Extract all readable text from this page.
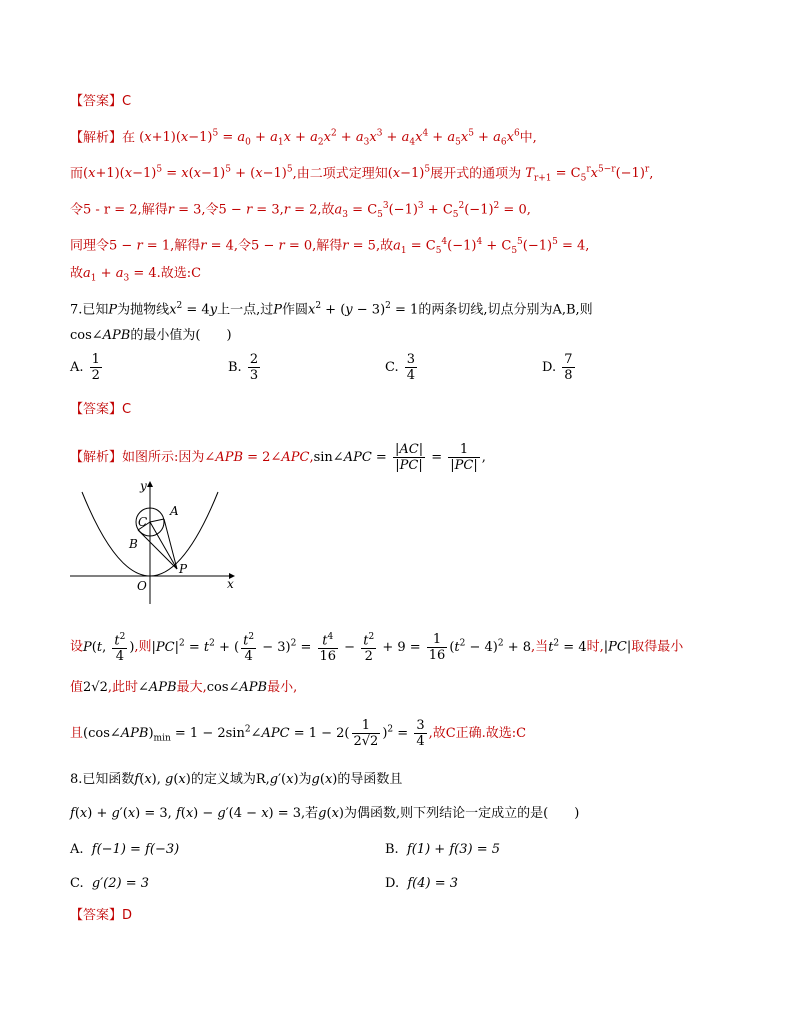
【答案】C
【解析】在 $(x+1)(x-1)^5 = a_0 + a_1x + a_2x^2 + a_3x^3 + a_4x^4 + a_5x^5 + a_6x^6$中,
而$(x+1)(x-1)^5 = x(x-1)^5 + (x-1)^5$,由二项式定理知$(x-1)^5$展开式的通项为 $T_{r+1} = C_5^rx^{5-r}(-1)^r$,
令5 - r = 2,解得r = 3,令5 − r = 3,r = 2,故$a_3 = C_5^3(-1)^3 + C_5^2(-1)^2 = 0$,
同理令5 − r = 1,解得r = 4,令5 − r = 0,解得r = 5,故$a_1 = C_5^4(-1)^4 + C_5^5(-1)^5 = 4$,
故$a_1 + a_3 = 4$.故选:C
7.已知P为抛物线$x^2 = 4y$上一点,过P作圆$x^2 + (y - 3)^2 = 1$的两条切线,切点分别为A,B,则
cos∠APB的最小值为(　　)
A. $\frac{1}{2}$	B. $\frac{2}{3}$	C. $\frac{3}{4}$	D. $\frac{7}{8}$
【答案】C
【解析】如图所示:因为∠APB = 2∠APC,sin∠APC = $\frac{|AC|}{|PC|} = \frac{1}{|PC|}$ ,
y
x
O
A
B
C
P
设P(t, $\frac{t^2}{4}$ ),则$|PC|^2 = t^2$ + ( $\frac{t^2}{4} - 3)^2 = \frac{t^4}{16} - \frac{t^2}{2} + 9 = \frac{1}{16} (t^2 - 4)^2 + 8$,当$t^2 = 4$时,|PC|取得最小
值2√2,此时∠APB最大,cos∠APB最小,
且$(\cos\angle APB)_{min} = 1$ − $2\sin^2\angle APC = 1 - 2( \frac{1}{2√2} )^2 = \frac{3}{4}$ ,故C正确.故选:C
8.已知函数f(x), g(x)的定义域为R,g′(x)为g(x)的导函数且
f(x) + g′(x) = 3, f(x) − g′(4 − x) = 3,若g(x)为偶函数,则下列结论一定成立的是(　　)
A. f(−1) = f(−3)	B. f(1) + f(3) = 5
C. g′(2) = 3	D. f(4) = 3
【答案】D
